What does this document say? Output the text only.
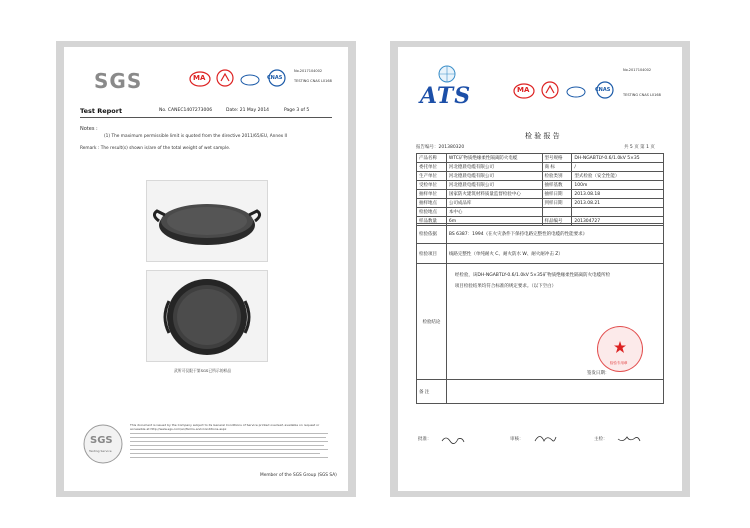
SGS	MA	CNAS
No.2017104002
TESTING CNAS L0168
Test Report	No. CANEC1407273006	Date: 21 May 2014	Page 3 of 5
Notes :
(1) The maximum permissible limit is quoted from the directive 2011/65/EU, Annex II
Remark : The result(s) shown is/are of the total weight of wet sample.
武所可仅限于第SGS已所示的样品
SGS
Testing Service
This document is issued by the Company subject to its General Conditions of Service printed overleaf, available on request or accessible at http://www.sgs.com/en/Terms-and-Conditions.aspx
Member of the SGS Group (SGS SA)
ATS	MA	CNAS
No.2017104002
TESTING CNAS L0168
检 验 报 告
报告编号：201380320	共 5 页 第 1 页
产品名称	WTC矿物质绝缘柔性隔离防火电缆	型号规格	DH-NGABTLY-0.6/1.0kV 5×35
委托单位	河北德晨电缆有限公司	商 标	/
生产单位	河北德晨电缆有限公司	检验类别	型式检验（安全性能）
受检单位	河北德晨电缆有限公司	抽样基数	100m
抽样单位	国家防火建筑材料质量监督检验中心	抽样日期	2013.08.18
抽样地点	公司成品库	到样日期	2013.08.21
检验地点	本中心		
样品数量	6m	样品编号	201304727
检验依据	BS 6387：1994《在火灾条件下保持电路完整性的电缆的性能要求》
检验项目	线路完整性（单纯耐火 C、耐火防水 W、耐火耐冲击 Z）
检验结论	经检验，该DH-NGABTLY-0.6/1.0kV 5×35矿物质绝缘柔性隔离防火电缆所检
项目检验结果均符合标准的规定要求。（以下空白）
检验专用章
签发日期：

备 注	
批准：	审核：	主检：
